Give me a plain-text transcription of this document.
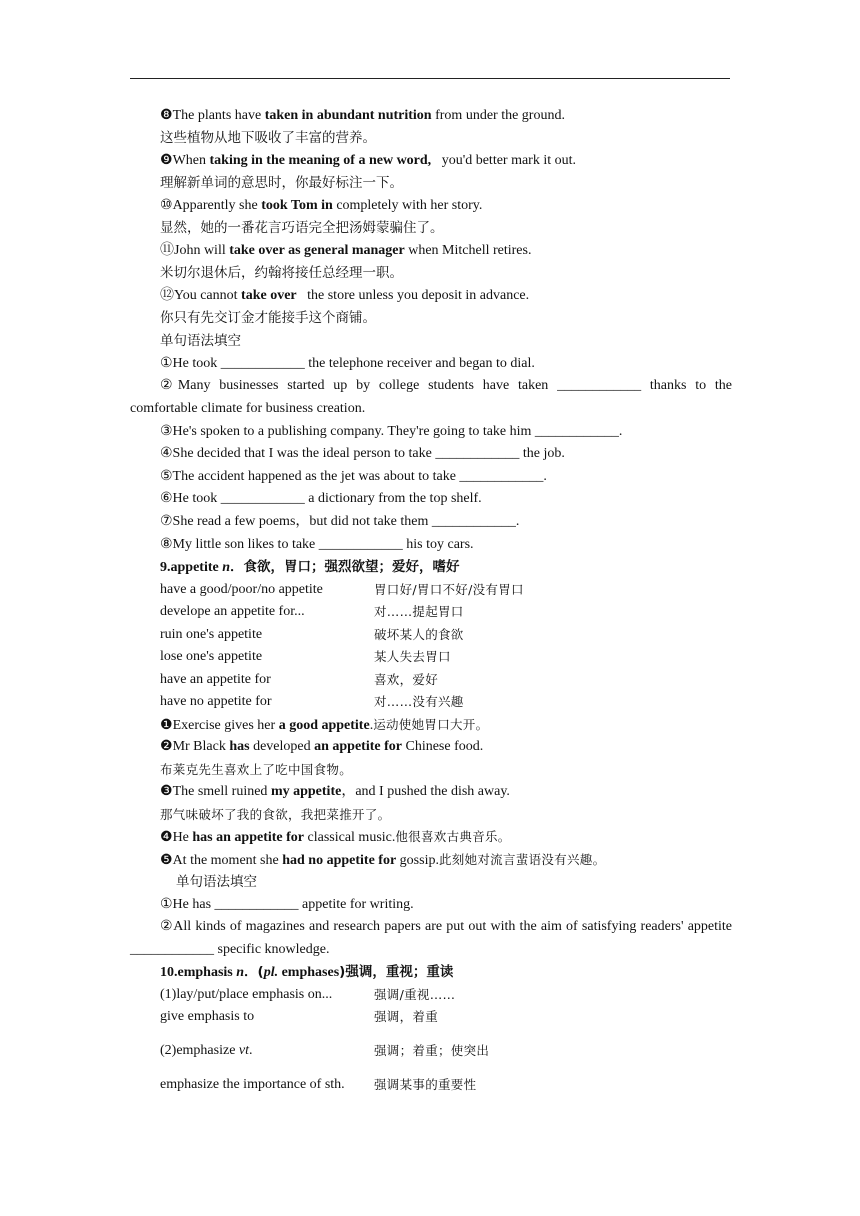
❽The plants have taken in abundant nutrition from under the ground.
这些植物从地下吸收了丰富的营养。
❾When taking in the meaning of a new word,   you'd better mark it out.
理解新单词的意思时，你最好标注一下。
⑩Apparently she took Tom in completely with her story.
显然，她的一番花言巧语完全把汤姆蒙骗住了。
⑪John will take over as general manager when Mitchell retires.
米切尔退休后，约翰将接任总经理一职。
⑫You cannot take over   the store unless you deposit in advance.
你只有先交订金才能接手这个商铺。
单句语法填空
①He took ____________ the telephone receiver and began to dial.
②Many businesses started up by college students have taken ____________ thanks to the comfortable climate for business creation.
③He's spoken to a publishing company. They're going to take him ____________.
④She decided that I was the ideal person to take ____________ the job.
⑤The accident happened as the jet was about to take ____________.
⑥He took ____________ a dictionary from the top shelf.
⑦She read a few poems，but did not take them ____________.
⑧My little son likes to take ____________ his toy cars.
9.appetite n．食欲，胃口；强烈欲望；爱好，嗜好
have a good/poor/no appetite	胃口好/胃口不好/没有胃口
develope an appetite for...	对……提起胃口
ruin one's appetite	破坏某人的食欲
lose one's appetite	某人失去胃口
have an appetite for	喜欢，爱好
have no appetite for	对……没有兴趣
❶Exercise gives her a good appetite.运动使她胃口大开。
❷Mr Black has developed an appetite for Chinese food.
布莱克先生喜欢上了吃中国食物。
❸The smell ruined my appetite，and I pushed the dish away.
那气味破坏了我的食欲，我把菜推开了。
❹He has an appetite for classical music.他很喜欢古典音乐。
❺At the moment she had no appetite for gossip.此刻她对流言蜚语没有兴趣。
单句语法填空
①He has ____________ appetite for writing.
②All kinds of magazines and research papers are put out with the aim of satisfying readers' appetite ____________ specific knowledge.
10.emphasis n．(pl. emphases)强调，重视；重读
(1)lay/put/place emphasis on...	强调/重视……
give emphasis to	强调，着重
(2)emphasize vt.	强调；着重；使突出
emphasize the importance of sth. 强调某事的重要性
